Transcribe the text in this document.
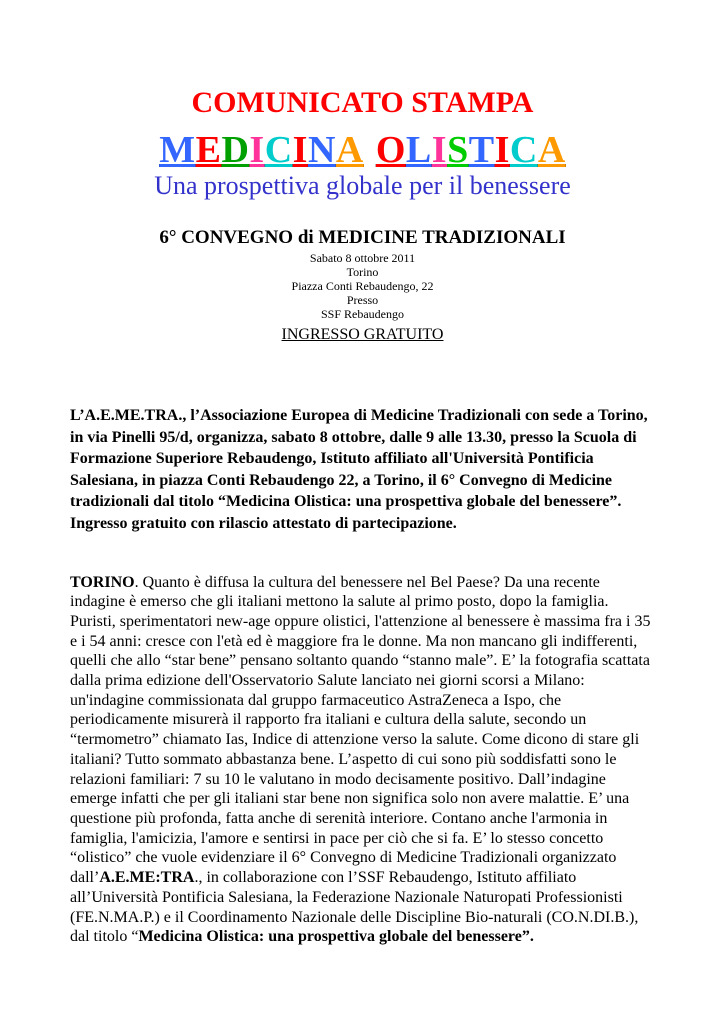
COMUNICATO STAMPA
MEDICINA OLISTICA

Una prospettiva globale per il benessere

6° CONVEGNO di MEDICINE TRADIZIONALI

Sabato 8 ottobre 2011

Torino

Piazza Conti Rebaudengo, 22

Presso

SSF Rebaudengo

INGRESSO GRATUITO

L’A.E.ME.TRA., l’Associazione Europea di Medicine Tradizionali con sede a Torino, in via Pinelli 95/d, organizza, sabato 8 ottobre, dalle 9 alle 13.30, presso la Scuola di Formazione Superiore Rebaudengo, Istituto affiliato all'Università Pontificia Salesiana, in piazza Conti Rebaudengo 22, a Torino, il 6° Convegno di Medicine tradizionali dal titolo “Medicina Olistica: una prospettiva globale del benessere”. Ingresso gratuito con rilascio attestato di partecipazione.

TORINO. Quanto è diffusa la cultura del benessere nel Bel Paese? Da una recente indagine è emerso che gli italiani mettono la salute al primo posto, dopo la famiglia. Puristi, sperimentatori new-age oppure olistici, l'attenzione al benessere è massima fra i 35 e i 54 anni: cresce con l'età ed è maggiore fra le donne. Ma non mancano gli indifferenti, quelli che allo “star bene” pensano soltanto quando “stanno male”. E’ la fotografia scattata dalla prima edizione dell'Osservatorio Salute lanciato nei giorni scorsi a Milano: un'indagine commissionata dal gruppo farmaceutico AstraZeneca a Ispo, che periodicamente misurerà il rapporto fra italiani e cultura della salute, secondo un “termometro” chiamato Ias, Indice di attenzione verso la salute. Come dicono di stare gli italiani? Tutto sommato abbastanza bene. L’aspetto di cui sono più soddisfatti sono le relazioni familiari: 7 su 10 le valutano in modo decisamente positivo. Dall’indagine emerge infatti che per gli italiani star bene non significa solo non avere malattie. E’ una questione più profonda, fatta anche di serenità interiore. Contano anche l'armonia in famiglia, l'amicizia, l'amore e sentirsi in pace per ciò che si fa. E’ lo stesso concetto “olistico” che vuole evidenziare il 6° Convegno di Medicine Tradizionali organizzato dall’A.E.ME:TRA., in collaborazione con l’SSF Rebaudengo, Istituto affiliato all’Università Pontificia Salesiana, la Federazione Nazionale Naturopati Professionisti (FE.N.MA.P.) e il Coordinamento Nazionale delle Discipline Bio-naturali (CO.N.DI.B.), dal titolo “Medicina Olistica: una prospettiva globale del benessere”.
